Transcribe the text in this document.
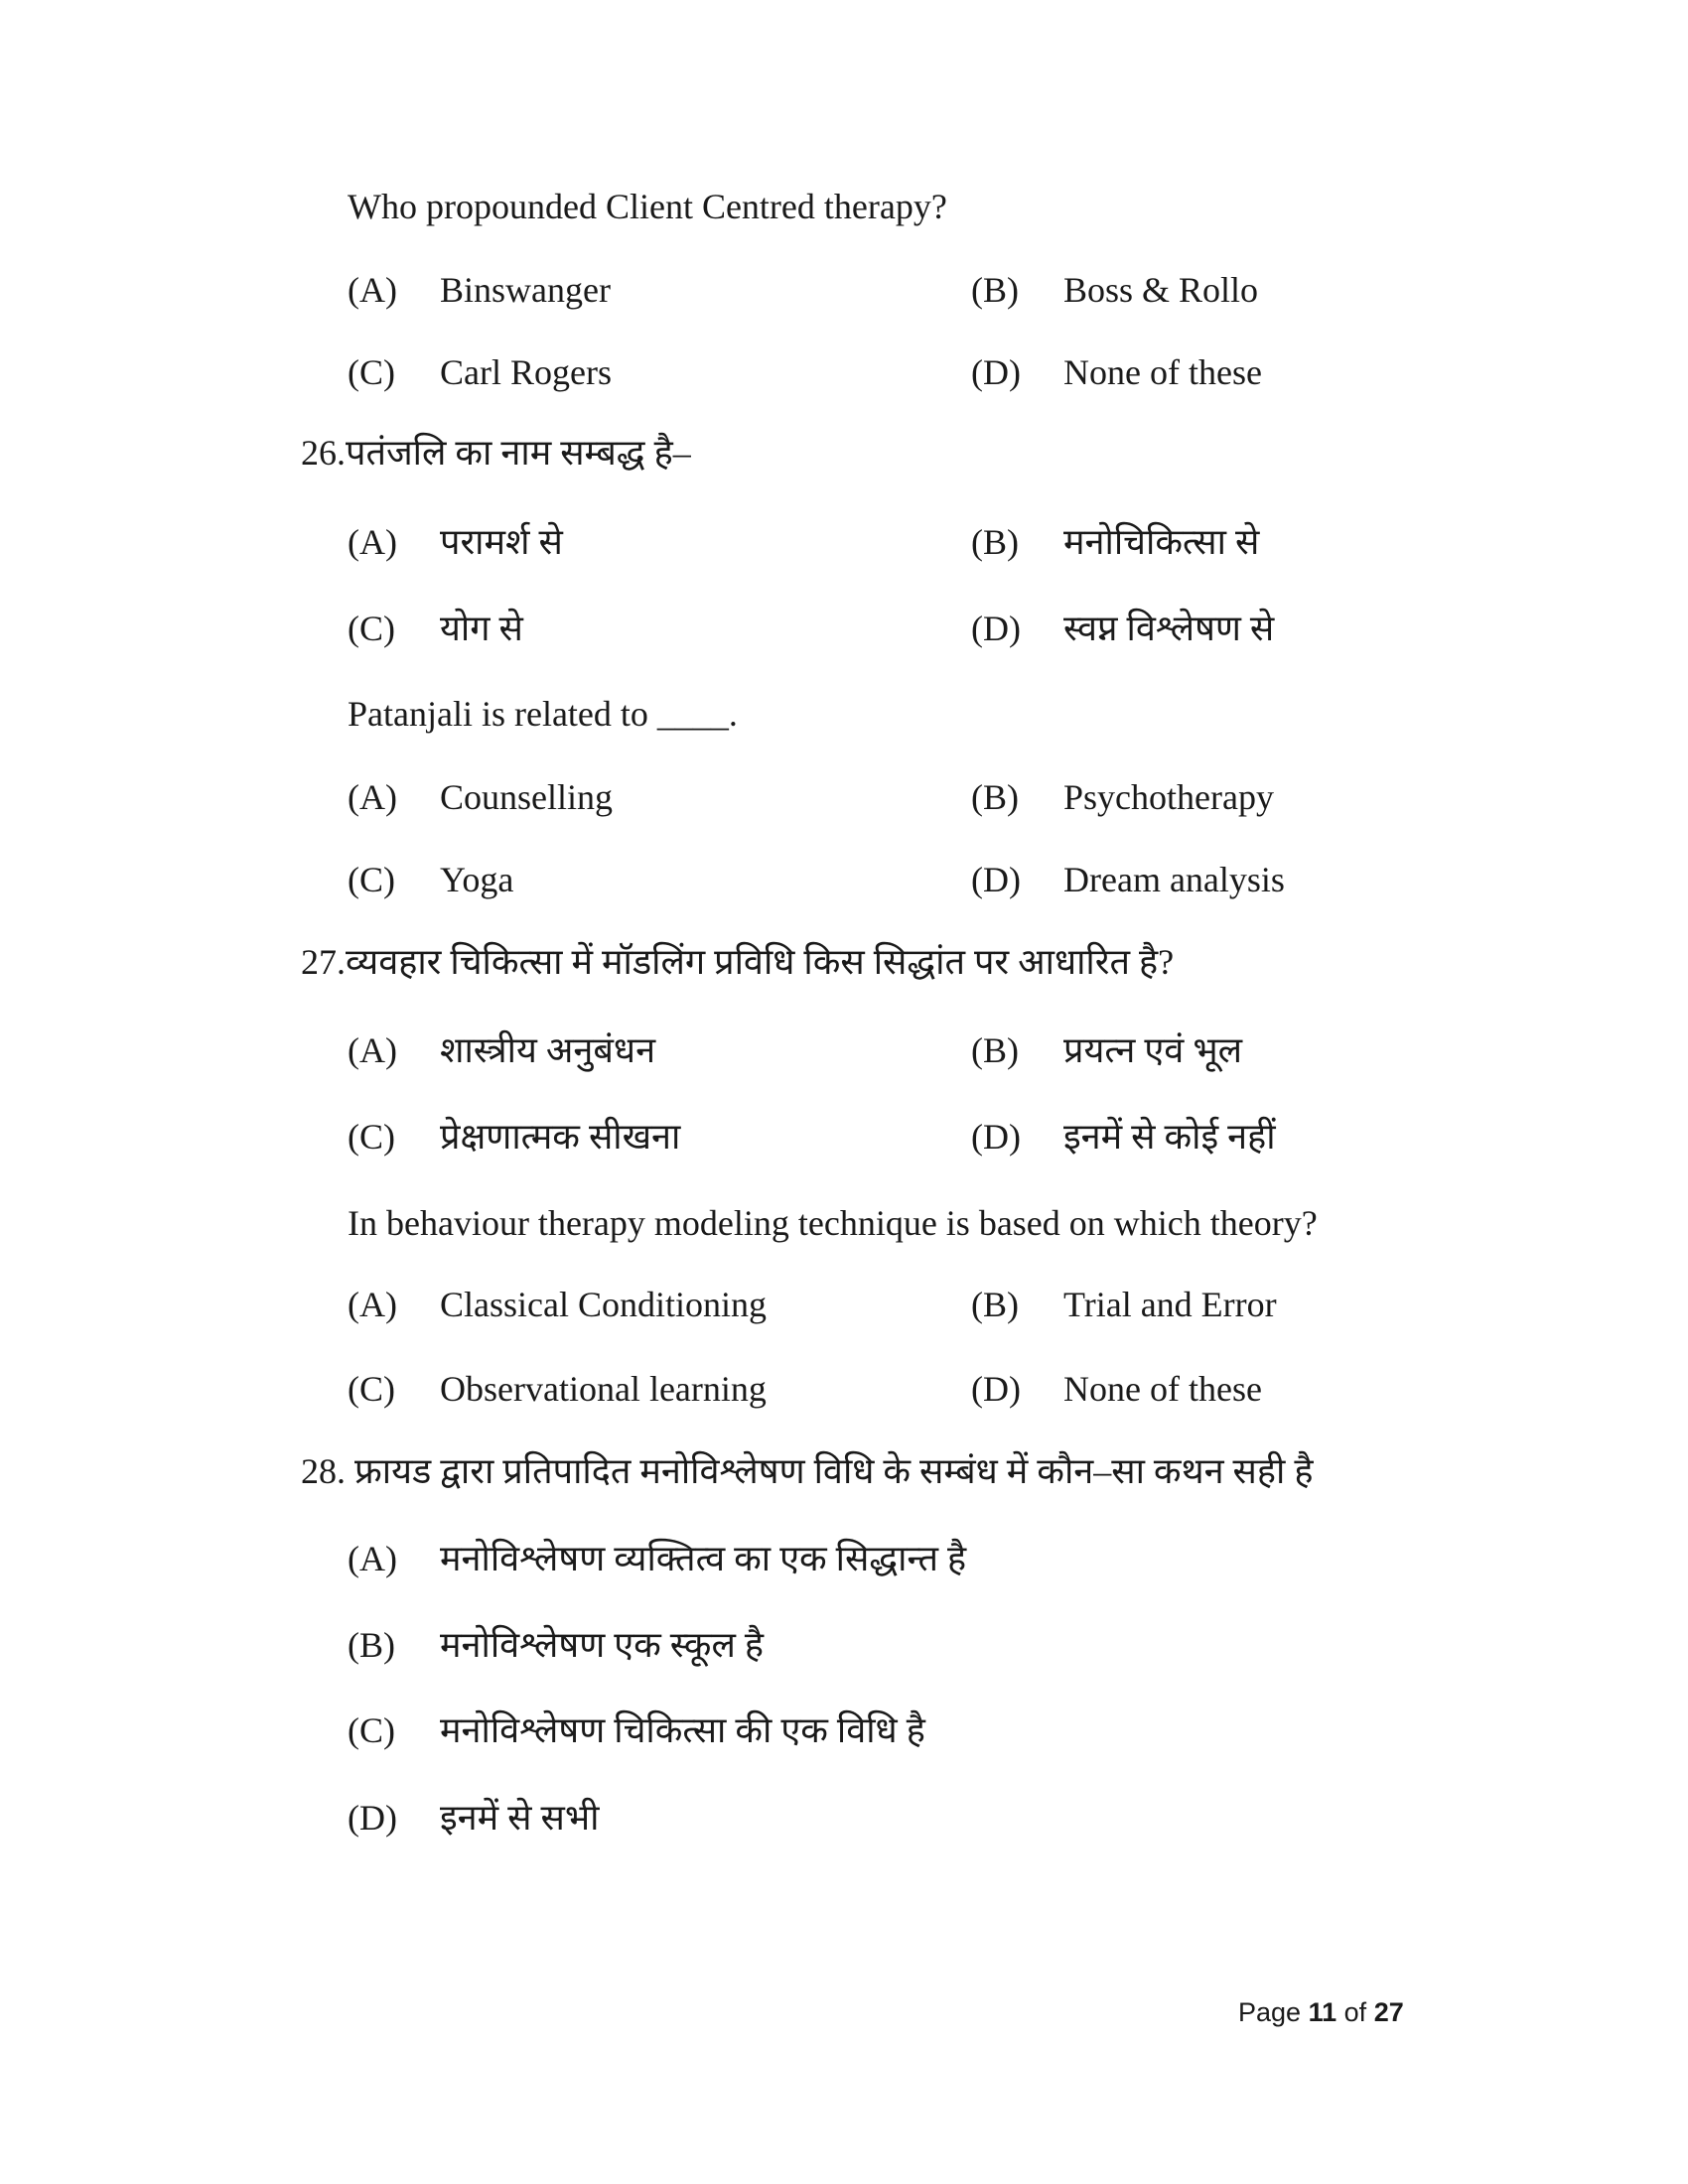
Who propounded Client Centred therapy?
(A) Binswanger	(B) Boss & Rollo
(C) Carl Rogers	(D) None of these
26.पतंजलि का नाम सम्बद्ध है–
(A) परामर्श से	(B) मनोचिकित्सा से
(C) योग से	(D) स्वप्न विश्लेषण से
Patanjali is related to ____.
(A) Counselling	(B) Psychotherapy
(C) Yoga	(D) Dream analysis
27.व्यवहार चिकित्सा में मॉडलिंग प्रविधि किस सिद्धांत पर आधारित है?
(A) शास्त्रीय अनुबंधन	(B) प्रयत्न एवं भूल
(C) प्रेक्षणात्मक सीखना	(D) इनमें से कोई नहीं
In behaviour therapy modeling technique is based on which theory?
(A) Classical Conditioning	(B) Trial and Error
(C) Observational learning	(D) None of these
28. फ्रायड द्वारा प्रतिपादित मनोविश्लेषण विधि के सम्बंध में कौन–सा कथन सही है
(A) मनोविश्लेषण व्यक्तित्व का एक सिद्धान्त है
(B) मनोविश्लेषण एक स्कूल है
(C) मनोविश्लेषण चिकित्सा की एक विधि है
(D) इनमें से सभी
Page 11 of 27
